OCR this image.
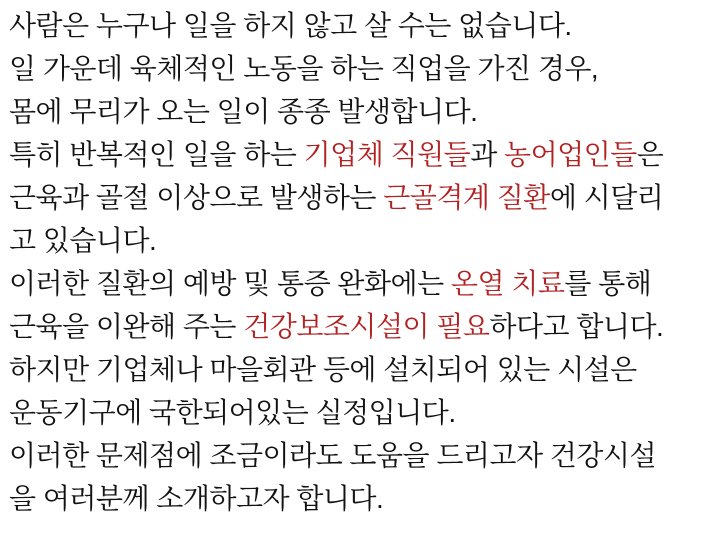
사람은 누구나 일을 하지 않고 살 수는 없습니다.
일 가운데 육체적인 노동을 하는 직업을 가진 경우,
몸에 무리가 오는 일이 종종 발생합니다.
특히 반복적인 일을 하는 기업체 직원들과 농어업인들은
근육과 골절 이상으로 발생하는 근골격계 질환에 시달리
고 있습니다.
이러한 질환의 예방 및 통증 완화에는 온열 치료를 통해
근육을 이완해 주는 건강보조시설이 필요하다고 합니다.
하지만 기업체나 마을회관 등에 설치되어 있는 시설은
운동기구에 국한되어있는 실정입니다.
이러한 문제점에 조금이라도 도움을 드리고자 건강시설
을 여러분께 소개하고자 합니다.
